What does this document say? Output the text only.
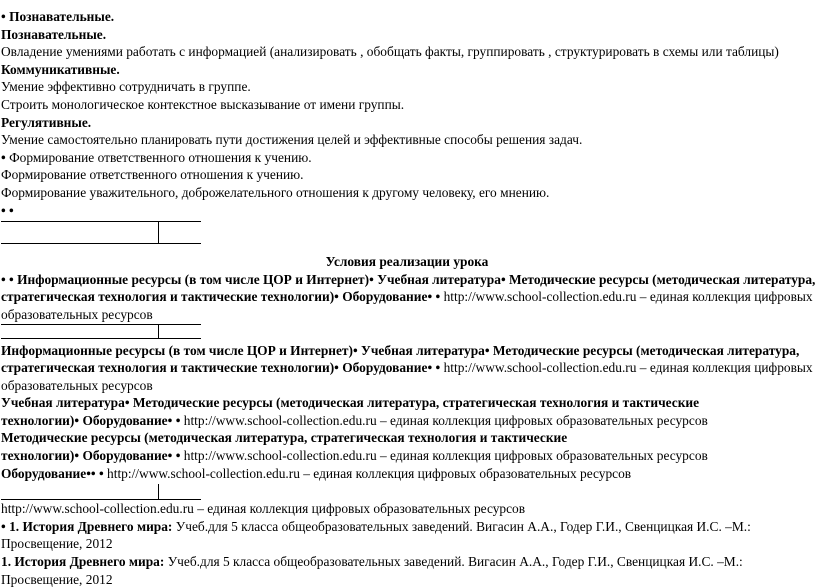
• Познавательные.
Познавательные.
Овладение умениями работать с информацией (анализировать , обобщать факты, группировать , структурировать в схемы или таблицы)
Коммуникативные.
Умение эффективно сотрудничать в группе.
Строить монологическое контекстное высказывание от имени группы.
Регулятивные.
Умение самостоятельно планировать пути достижения целей и эффективные способы решения задач.
• Формирование ответственного отношения к учению.
Формирование ответственного отношения к учению.
Формирование уважительного, доброжелательного отношения к другому человеку, его мнению.
• •
Условия реализации урока
• • Информационные ресурсы (в том числе ЦОР и Интернет)• Учебная литература• Методические ресурсы (методическая литература,
стратегическая технология и тактические технологии)• Оборудование• • http://www.school-collection.edu.ru – единая коллекция цифровых
образовательных ресурсов
Информационные ресурсы (в том числе ЦОР и Интернет)• Учебная литература• Методические ресурсы (методическая литература,
стратегическая технология и тактические технологии)• Оборудование• • http://www.school-collection.edu.ru – единая коллекция цифровых
образовательных ресурсов
Учебная литература• Методические ресурсы (методическая литература, стратегическая технология и тактические
технологии)• Оборудование• • http://www.school-collection.edu.ru – единая коллекция цифровых образовательных ресурсов
Методические ресурсы (методическая литература, стратегическая технология и тактические
технологии)• Оборудование• • http://www.school-collection.edu.ru – единая коллекция цифровых образовательных ресурсов
Оборудование•• • http://www.school-collection.edu.ru – единая коллекция цифровых образовательных ресурсов
http://www.school-collection.edu.ru – единая коллекция цифровых образовательных ресурсов
• 1. История Древнего мира: Учеб.для 5 класса общеобразовательных заведений. Вигасин А.А., Годер Г.И., Свенцицкая И.С. –М.:
Просвещение, 2012
1. История Древнего мира: Учеб.для 5 класса общеобразовательных заведений. Вигасин А.А., Годер Г.И., Свенцицкая И.С. –М.:
Просвещение, 2012
